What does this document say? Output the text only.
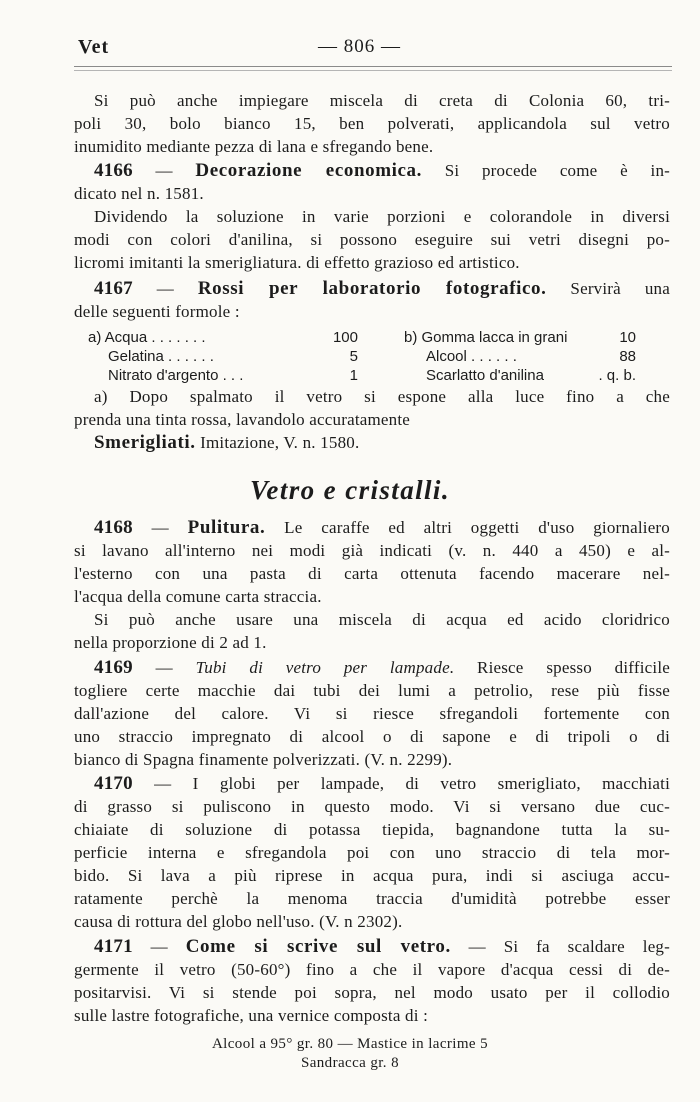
Vet	— 806 —
Si può anche impiegare miscela di creta di Colonia 60, tri-
poli 30, bolo bianco 15, ben polverati, applicandola sul vetro
inumidito mediante pezza di lana e sfregando bene.
4166 — Decorazione economica. Si procede come è in-
dicato nel n. 1581.
Dividendo la soluzione in varie porzioni e colorandole in diversi
modi con colori d'anilina, si possono eseguire sui vetri disegni po-
licromi imitanti la smerigliatura. di effetto grazioso ed artistico.
4167 — Rossi per laboratorio fotografico. Servirà una
delle seguenti formole :
a) Acqua . . . . . . .	100
Gelatina . . . . . .	5
Nitrato d'argento . . .	1
b) Gomma lacca in grani	10
Alcool . . . . . .	88
Scarlatto d'anilina	. q. b.
a) Dopo spalmato il vetro si espone alla luce fino a che
prenda una tinta rossa, lavandolo accuratamente
Smerigliati. Imitazione, V. n. 1580.
Vetro e cristalli.
4168 — Pulitura. Le caraffe ed altri oggetti d'uso giornaliero
si lavano all'interno nei modi già indicati (v. n. 440 a 450) e al-
l'esterno con una pasta di carta ottenuta facendo macerare nel-
l'acqua della comune carta straccia.
Si può anche usare una miscela di acqua ed acido cloridrico
nella proporzione di 2 ad 1.
4169 — Tubi di vetro per lampade. Riesce spesso difficile
togliere certe macchie dai tubi dei lumi a petrolio, rese più fisse
dall'azione del calore. Vi si riesce sfregandoli fortemente con
uno straccio impregnato di alcool o di sapone e di tripoli o di
bianco di Spagna finamente polverizzati. (V. n. 2299).
4170 — I globi per lampade, di vetro smerigliato, macchiati
di grasso si puliscono in questo modo. Vi si versano due cuc-
chiaiate di soluzione di potassa tiepida, bagnandone tutta la su-
perficie interna e sfregandola poi con uno straccio di tela mor-
bido. Si lava a più riprese in acqua pura, indi si asciuga accu-
ratamente perchè la menoma traccia d'umidità potrebbe esser
causa di rottura del globo nell'uso. (V. n 2302).
4171 — Come si scrive sul vetro. — Si fa scaldare leg-
germente il vetro (50-60°) fino a che il vapore d'acqua cessi di de-
positarvisi. Vi si stende poi sopra, nel modo usato per il collodio
sulle lastre fotografiche, una vernice composta di :
Alcool a 95° gr. 80 — Mastice in lacrime 5
Sandracca gr. 8
